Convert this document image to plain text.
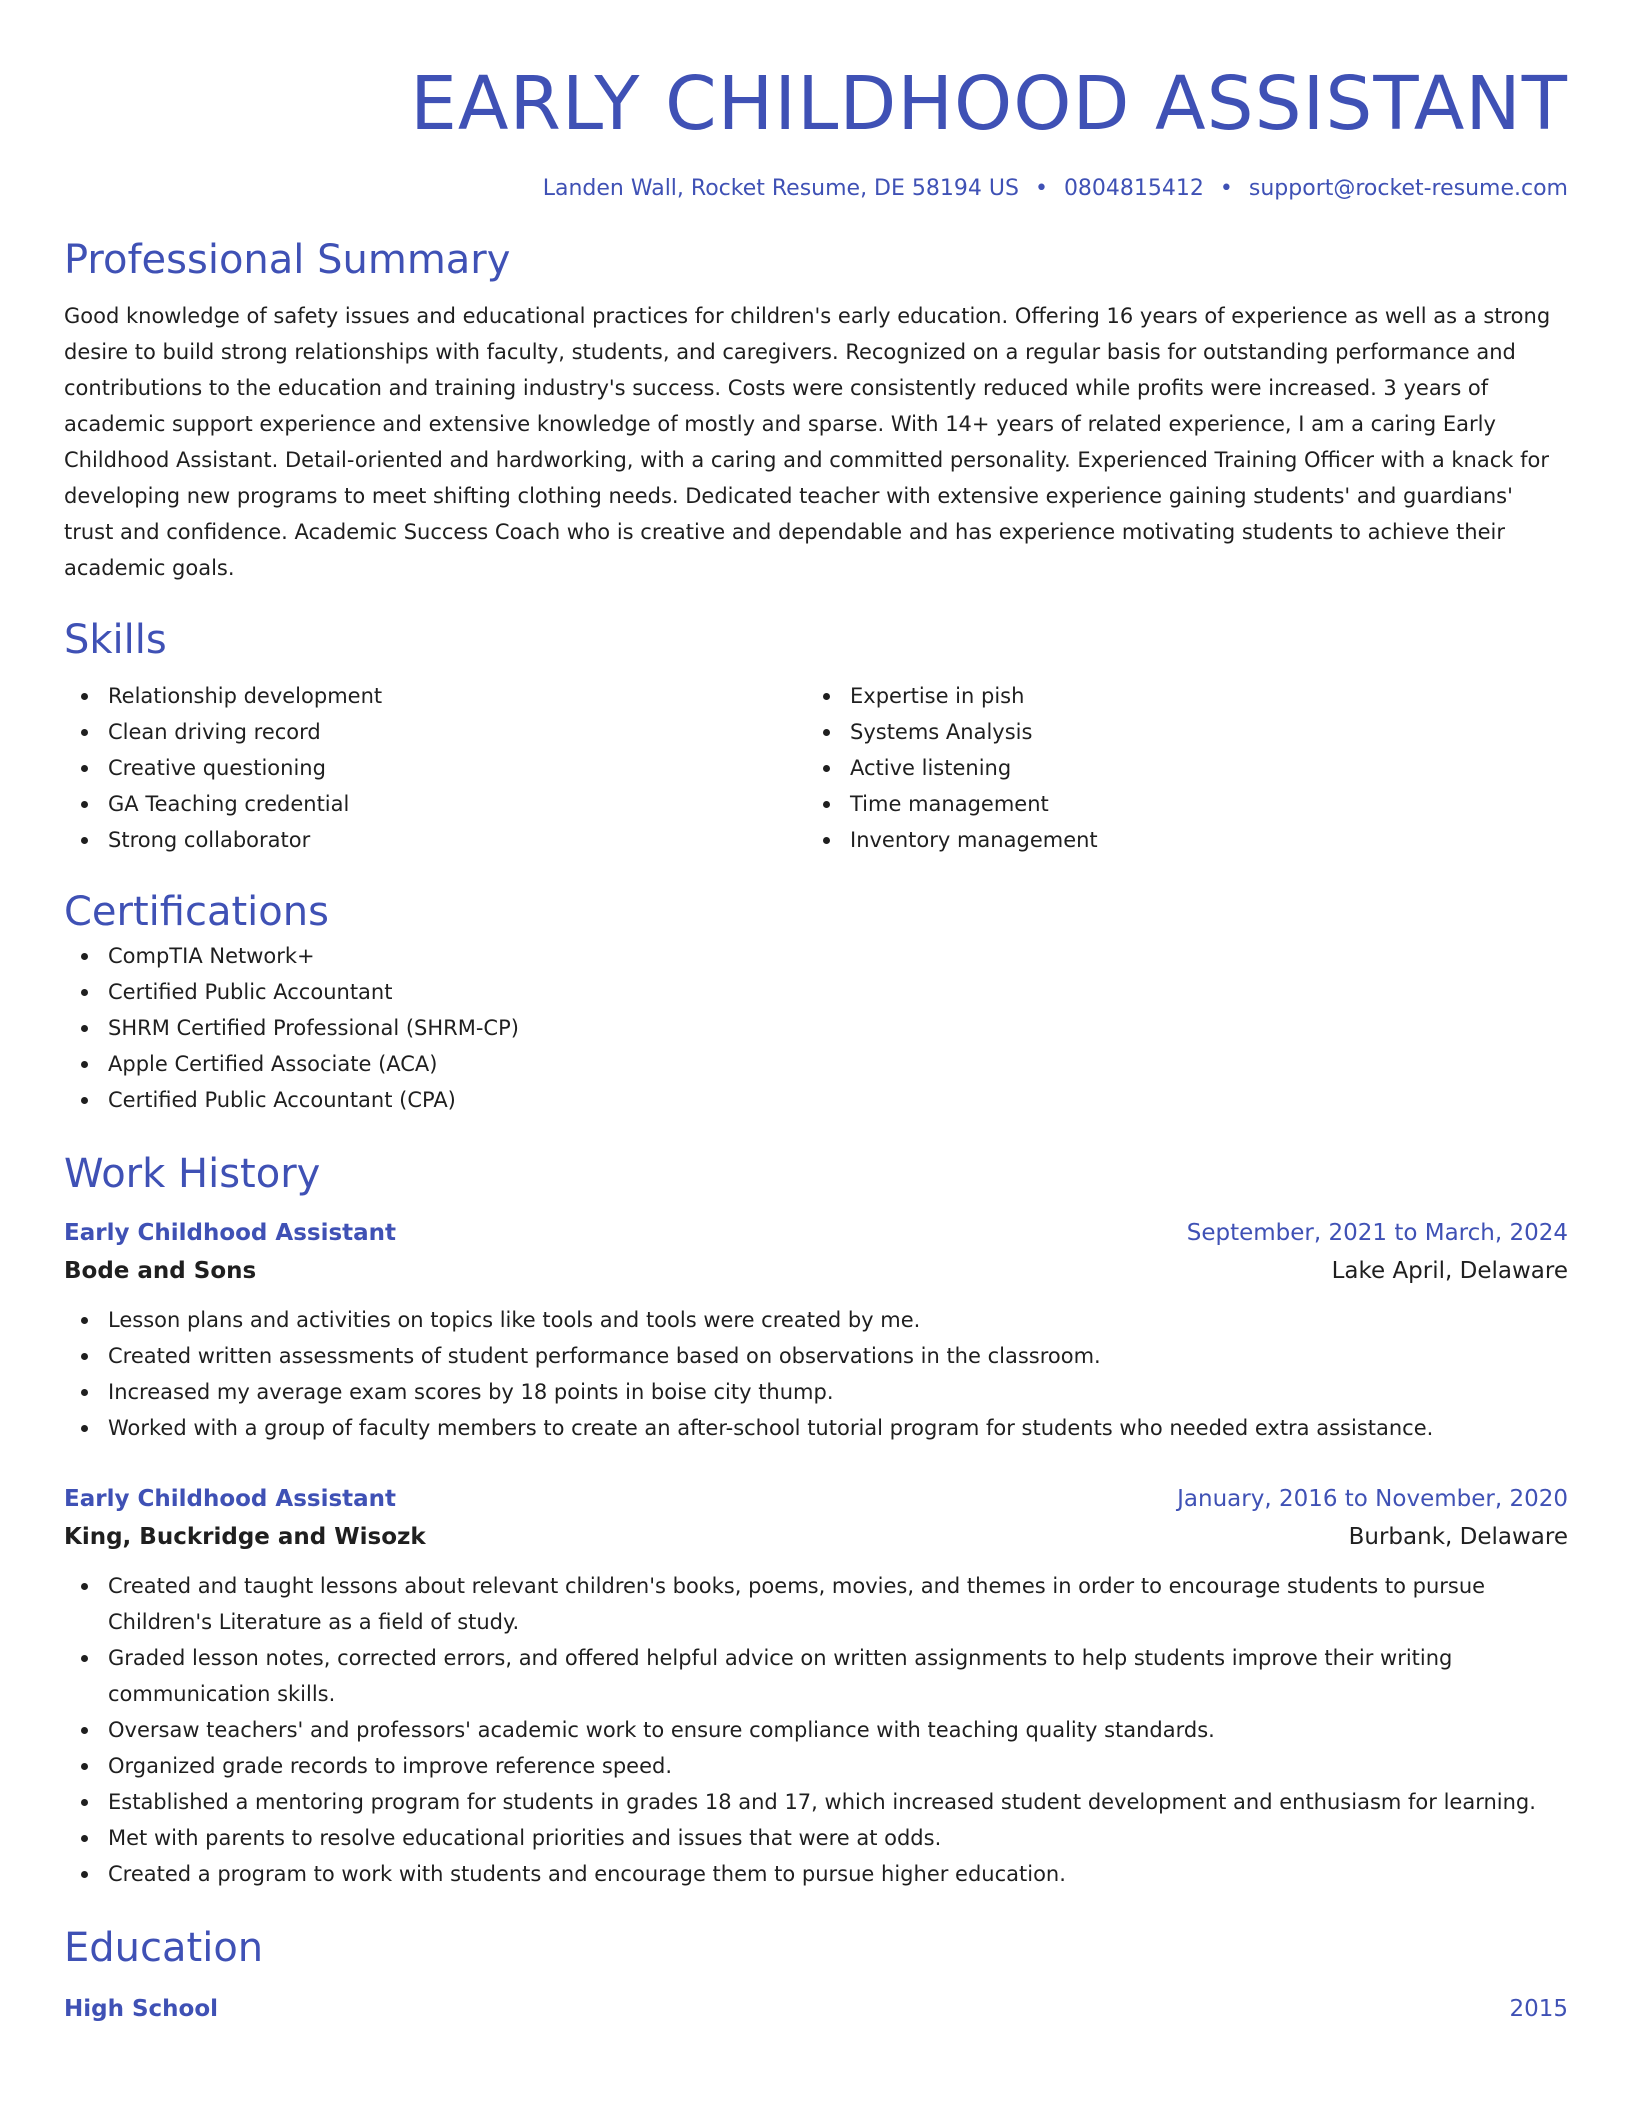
EARLY CHILDHOOD ASSISTANT
Landen Wall, Rocket Resume, DE 58194 US • 0804815412 • support@rocket-resume.com
Professional Summary

Good knowledge of safety issues and educational practices for children's early education. Offering 16 years of experience as well as a strong desire to build strong relationships with faculty, students, and caregivers. Recognized on a regular basis for outstanding performance and contributions to the education and training industry's success. Costs were consistently reduced while profits were increased. 3 years of academic support experience and extensive knowledge of mostly and sparse. With 14+ years of related experience, I am a caring Early Childhood Assistant. Detail-oriented and hardworking, with a caring and committed personality. Experienced Training Officer with a knack for developing new programs to meet shifting clothing needs. Dedicated teacher with extensive experience gaining students' and guardians' trust and confidence. Academic Success Coach who is creative and dependable and has experience motivating students to achieve their academic goals.

Skills
Relationship development
Clean driving record
Creative questioning
GA Teaching credential
Strong collaborator
Expertise in pish
Systems Analysis
Active listening
Time management
Inventory management
Certifications
CompTIA Network+
Certified Public Accountant
SHRM Certified Professional (SHRM-CP)
Apple Certified Associate (ACA)
Certified Public Accountant (CPA)
Work History
Early Childhood Assistant	September, 2021 to March, 2024
Bode and Sons	Lake April, Delaware
Lesson plans and activities on topics like tools and tools were created by me.
Created written assessments of student performance based on observations in the classroom.
Increased my average exam scores by 18 points in boise city thump.
Worked with a group of faculty members to create an after-school tutorial program for students who needed extra assistance.
Early Childhood Assistant	January, 2016 to November, 2020
King, Buckridge and Wisozk	Burbank, Delaware
Created and taught lessons about relevant children's books, poems, movies, and themes in order to encourage students to pursue Children's Literature as a field of study.
Graded lesson notes, corrected errors, and offered helpful advice on written assignments to help students improve their writing communication skills.
Oversaw teachers' and professors' academic work to ensure compliance with teaching quality standards.
Organized grade records to improve reference speed.
Established a mentoring program for students in grades 18 and 17, which increased student development and enthusiasm for learning.
Met with parents to resolve educational priorities and issues that were at odds.
Created a program to work with students and encourage them to pursue higher education.
Education
High School	2015
